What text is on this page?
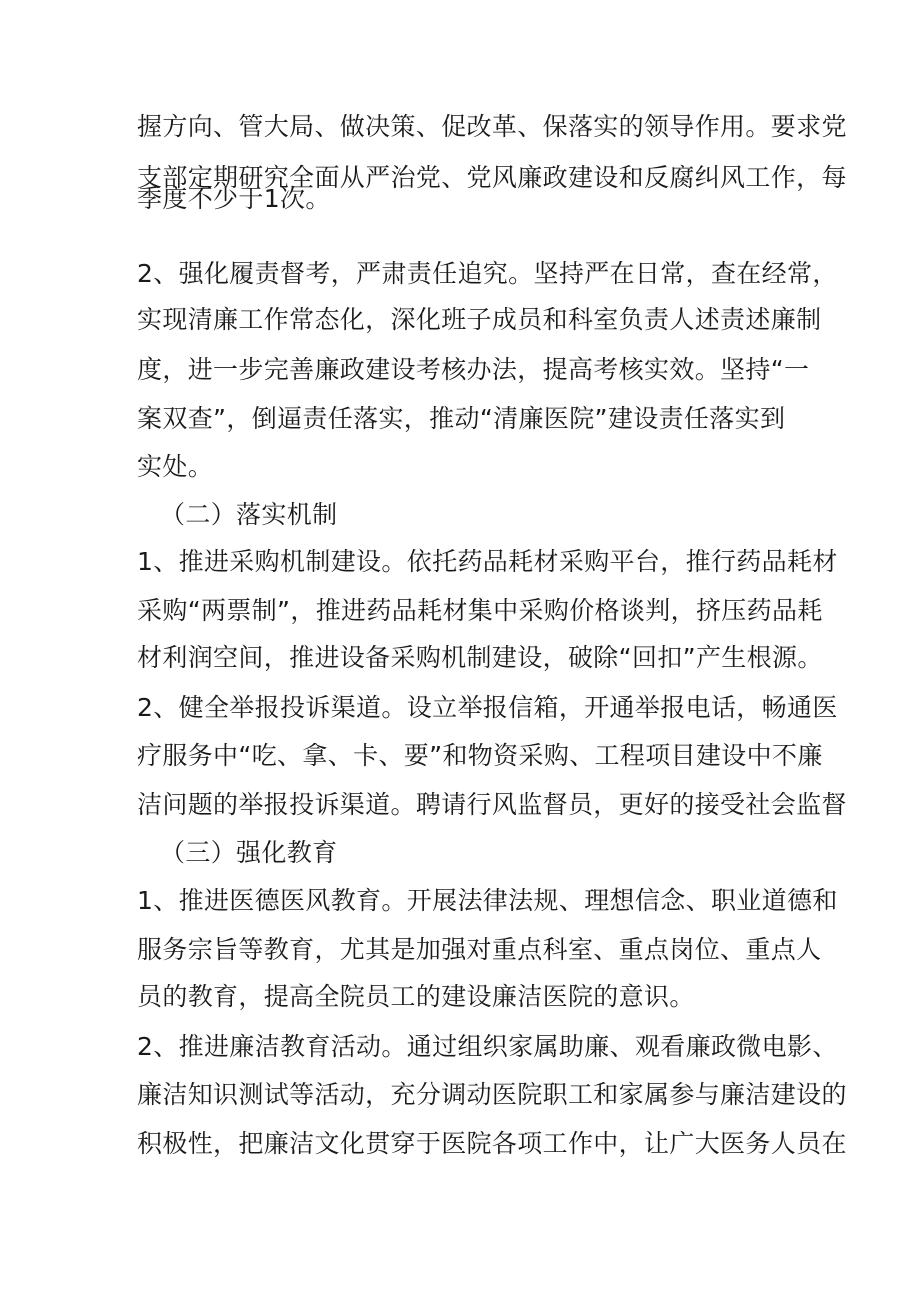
握方向、管大局、做决策、促改革、保落实的领导作用。要求党
支部定期研究全面从严治党、党风廉政建设和反腐纠风工作，每
季度不少于1次。
2、强化履责督考，严肃责任追究。坚持严在日常，查在经常，
实现清廉工作常态化，深化班子成员和科室负责人述责述廉制
度，进一步完善廉政建设考核办法，提高考核实效。坚持“一
案双查”，倒逼责任落实，推动“清廉医院”建设责任落实到
实处。
（二）落实机制
1、推进采购机制建设。依托药品耗材采购平台，推行药品耗材
采购“两票制”，推进药品耗材集中采购价格谈判，挤压药品耗
材利润空间，推进设备采购机制建设，破除“回扣”产生根源。
2、健全举报投诉渠道。设立举报信箱，开通举报电话，畅通医
疗服务中“吃、拿、卡、要”和物资采购、工程项目建设中不廉
洁问题的举报投诉渠道。聘请行风监督员，更好的接受社会监督
（三）强化教育
1、推进医德医风教育。开展法律法规、理想信念、职业道德和
服务宗旨等教育，尤其是加强对重点科室、重点岗位、重点人
员的教育，提高全院员工的建设廉洁医院的意识。
2、推进廉洁教育活动。通过组织家属助廉、观看廉政微电影、
廉洁知识测试等活动，充分调动医院职工和家属参与廉洁建设的
积极性，把廉洁文化贯穿于医院各项工作中，让广大医务人员在
